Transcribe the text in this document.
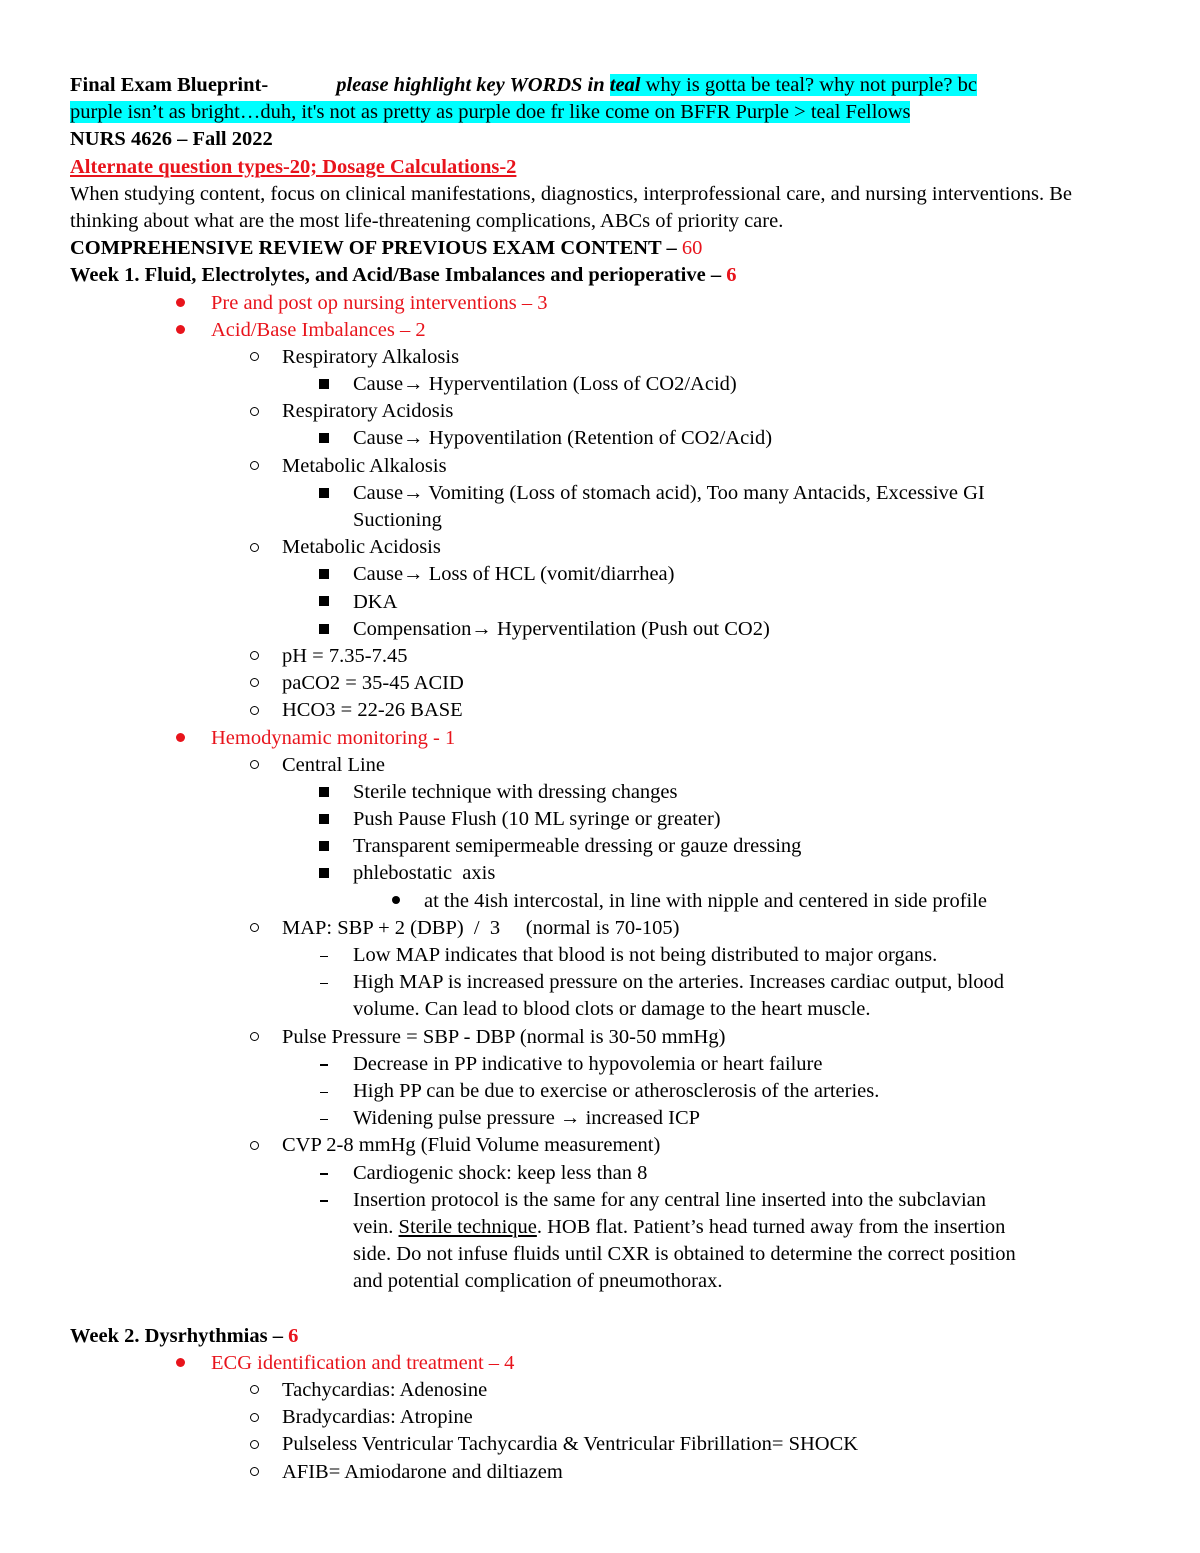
Final Exam Blueprint-	please highlight key WORDS in teal why is gotta be teal? why not purple? bc
purple isn’t as bright…duh, it's not as pretty as purple doe fr like come on BFFR Purple > teal Fellows
NURS 4626 – Fall 2022
Alternate question types-20; Dosage Calculations-2
When studying content, focus on clinical manifestations, diagnostics, interprofessional care, and nursing interventions. Be thinking about what are the most life-threatening complications, ABCs of priority care.
COMPREHENSIVE REVIEW OF PREVIOUS EXAM CONTENT – 60
Week 1. Fluid, Electrolytes, and Acid/Base Imbalances and perioperative – 6
Pre and post op nursing interventions – 3
Acid/Base Imbalances – 2
Respiratory Alkalosis
Cause→ Hyperventilation (Loss of CO2/Acid)
Respiratory Acidosis
Cause→ Hypoventilation (Retention of CO2/Acid)
Metabolic Alkalosis
Cause→ Vomiting (Loss of stomach acid), Too many Antacids, Excessive GI
Suctioning
Metabolic Acidosis
Cause→ Loss of HCL (vomit/diarrhea)
DKA
Compensation→ Hyperventilation (Push out CO2)
pH = 7.35-7.45
paCO2 = 35-45 ACID
HCO3 = 22-26 BASE
Hemodynamic monitoring - 1
Central Line
Sterile technique with dressing changes
Push Pause Flush (10 ML syringe or greater)
Transparent semipermeable dressing or gauze dressing
phlebostatic  axis
at the 4ish intercostal, in line with nipple and centered in side profile
MAP: SBP + 2 (DBP)  /  3     (normal is 70-105)
Low MAP indicates that blood is not being distributed to major organs.
High MAP is increased pressure on the arteries. Increases cardiac output, blood
volume. Can lead to blood clots or damage to the heart muscle.
Pulse Pressure = SBP - DBP (normal is 30-50 mmHg)
Decrease in PP indicative to hypovolemia or heart failure
High PP can be due to exercise or atherosclerosis of the arteries.
Widening pulse pressure → increased ICP
CVP 2-8 mmHg (Fluid Volume measurement)
Cardiogenic shock: keep less than 8
Insertion protocol is the same for any central line inserted into the subclavian
vein. Sterile technique. HOB flat. Patient’s head turned away from the insertion
side. Do not infuse fluids until CXR is obtained to determine the correct position
and potential complication of pneumothorax.
Week 2. Dysrhythmias – 6
ECG identification and treatment – 4
Tachycardias: Adenosine
Bradycardias: Atropine
Pulseless Ventricular Tachycardia & Ventricular Fibrillation= SHOCK
AFIB= Amiodarone and diltiazem
